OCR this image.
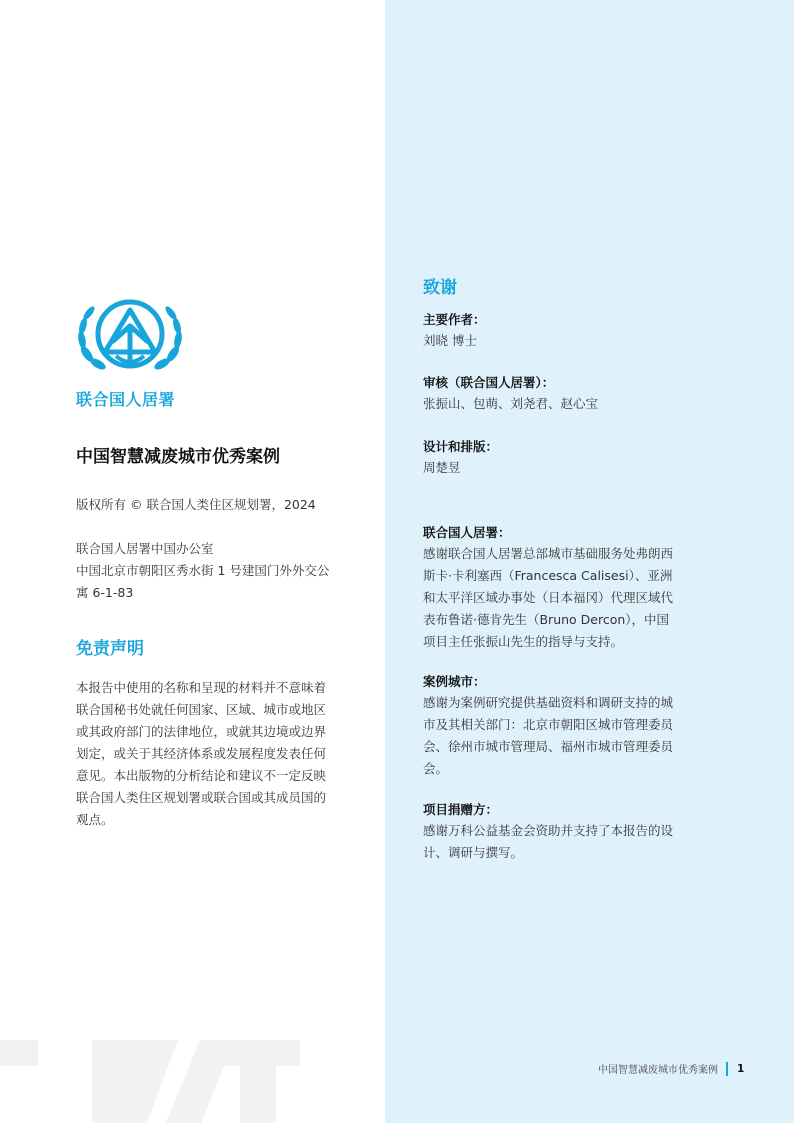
联合国人居署
中国智慧减废城市优秀案例
版权所有 © 联合国人类住区规划署，2024
联合国人居署中国办公室
中国北京市朝阳区秀水街 1 号建国门外外交公
寓 6-1-83
免责声明
本报告中使用的名称和呈现的材料并不意味着
联合国秘书处就任何国家、区域、城市或地区
或其政府部门的法律地位，或就其边境或边界
划定，或关于其经济体系或发展程度发表任何
意见。本出版物的分析结论和建议不一定反映
联合国人类住区规划署或联合国或其成员国的
观点。
致谢
主要作者：
刘晓 博士
审核（联合国人居署）：
张振山、包萌、刘尧君、赵心宝
设计和排版：
周楚昱
联合国人居署：
感谢联合国人居署总部城市基础服务处弗朗西
斯卡·卡利塞西（Francesca Calisesi）、亚洲
和太平洋区域办事处（日本福冈）代理区域代
表布鲁诺·德肯先生（Bruno Dercon），中国
项目主任张振山先生的指导与支持。
案例城市：
感谢为案例研究提供基础资料和调研支持的城
市及其相关部门：北京市朝阳区城市管理委员
会、徐州市城市管理局、福州市城市管理委员
会。
项目捐赠方：
感谢万科公益基金会资助并支持了本报告的设
计、调研与撰写。
中国智慧减废城市优秀案例 1
